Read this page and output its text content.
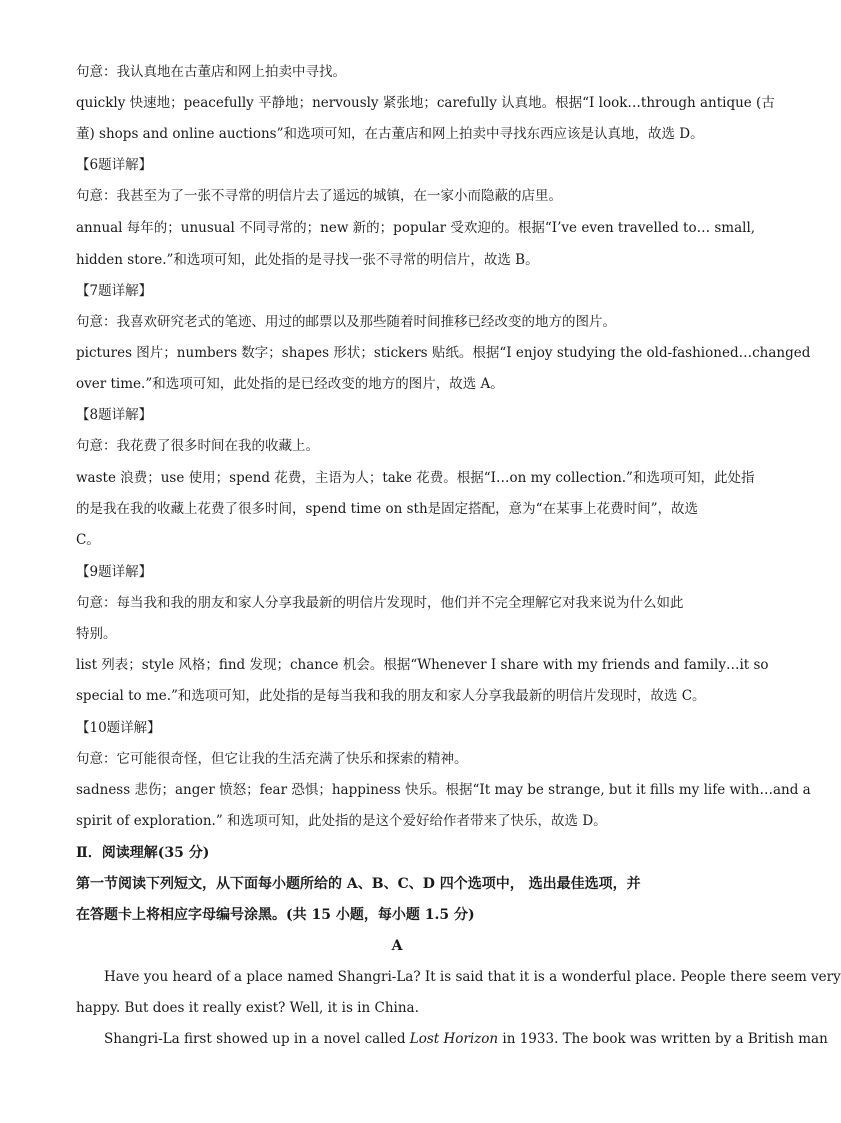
句意：我认真地在古董店和网上拍卖中寻找。
quickly 快速地；peacefully 平静地；nervously 紧张地；carefully 认真地。根据“I look…through antique (古
董) shops and online auctions”和选项可知，在古董店和网上拍卖中寻找东西应该是认真地，故选 D。
【6题详解】
句意：我甚至为了一张不寻常的明信片去了遥远的城镇，在一家小而隐蔽的店里。
annual 每年的；unusual 不同寻常的；new 新的；popular 受欢迎的。根据“I’ve even travelled to… small,
hidden store.”和选项可知，此处指的是寻找一张不寻常的明信片，故选 B。
【7题详解】
句意：我喜欢研究老式的笔迹、用过的邮票以及那些随着时间推移已经改变的地方的图片。
pictures 图片；numbers 数字；shapes 形状；stickers 贴纸。根据“I enjoy studying the old-fashioned…changed
over time.”和选项可知，此处指的是已经改变的地方的图片，故选 A。
【8题详解】
句意：我花费了很多时间在我的收藏上。
waste 浪费；use 使用；spend 花费，主语为人；take 花费。根据“I…on my collection.”和选项可知，此处指
的是我在我的收藏上花费了很多时间，spend time on sth是固定搭配，意为“在某事上花费时间”，故选
C。
【9题详解】
句意：每当我和我的朋友和家人分享我最新的明信片发现时，他们并不完全理解它对我来说为什么如此
特别。
list 列表；style 风格；find 发现；chance 机会。根据“Whenever I share with my friends and family…it so
special to me.”和选项可知，此处指的是每当我和我的朋友和家人分享我最新的明信片发现时，故选 C。
【10题详解】
句意：它可能很奇怪，但它让我的生活充满了快乐和探索的精神。
sadness 悲伤；anger 愤怒；fear 恐惧；happiness 快乐。根据“It may be strange, but it fills my life with…and a
spirit of exploration.” 和选项可知，此处指的是这个爱好给作者带来了快乐，故选 D。
Ⅱ．阅读理解(35 分)
第一节阅读下列短文，从下面每小题所给的 A、B、C、D 四个选项中， 选出最佳选项，并
在答题卡上将相应字母编号涂黑。(共 15 小题，每小题 1.5 分)
A
Have you heard of a place named Shangri-La? It is said that it is a wonderful place. People there seem very
happy. But does it really exist? Well, it is in China.
Shangri-La first showed up in a novel called Lost Horizon in 1933. The book was written by a British man
